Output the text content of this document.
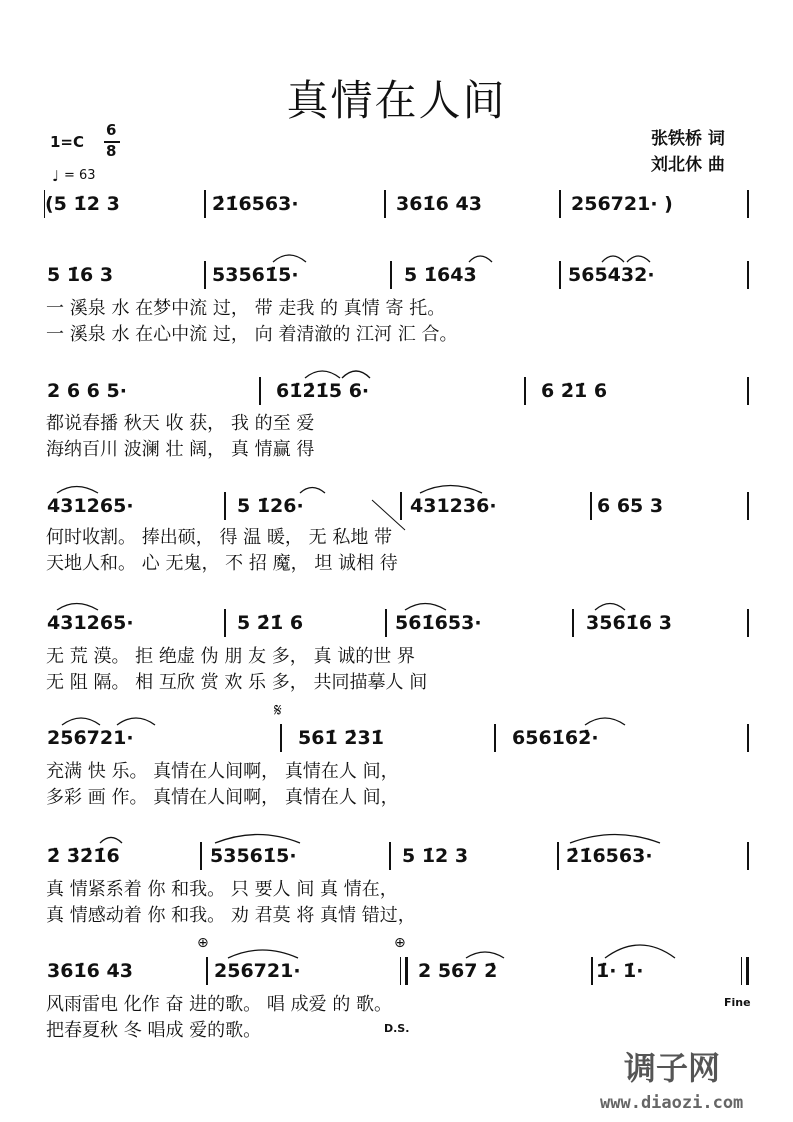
真情在人间
1=C
6
8
♩ = 63
张铁桥 词
刘北休 曲
(5 1̇2 3	2̇1̇6563·	361̇6 43	256721· )
5 1̇6 3	53561̇5·	5 1̇643	565432·
一 溪泉 水 在梦中流 过， 带 走我 的 真情 寄 托。
一 溪泉 水 在心中流 过， 向 着清澈的 江河 汇 合。
2 6 6 5·	61̇2̇1̇5 6·	6 2̇1̇ 6
都说春播 秋天 收 获， 我 的至 爱
海纳百川 波澜 壮 阔， 真 情赢 得
431265·	5 1̇26·	431236·	6 65 3
何时收割。 捧出硕， 得 温 暖， 无 私地 带
天地人和。 心 无鬼， 不 招 魔， 坦 诚相 待
431265·	5 2̇1̇ 6	561̇653·	3561̇6 3
无 荒 漠。 拒 绝虚 伪 朋 友 多， 真 诚的世 界
无 阻 隔。 相 互欣 赏 欢 乐 多， 共同描摹人 间
256721·	561̇ 2̇31̇	6561̇62̇·
充满 快 乐。 真情在人间啊， 真情在人 间，
多彩 画 作。 真情在人间啊， 真情在人 间，
𝄋
2̇ 3̇2̇1̇6	53561̇5·	5 1̇2 3	2̇1̇6563·
真 情紧系着 你 和我。 只 要人 间 真 情在，
真 情感动着 你 和我。 劝 君莫 将 真情 错过，
361̇6 43	256721·	2 567 2̇	1̇· 1̇·
风雨雷电 化作 奋 进的歌。 唱 成爱 的 歌。
把春夏秋 冬 唱成 爱的歌。
⊕	⊕
D.S.
Fine
调子网
www.diaozi.com
